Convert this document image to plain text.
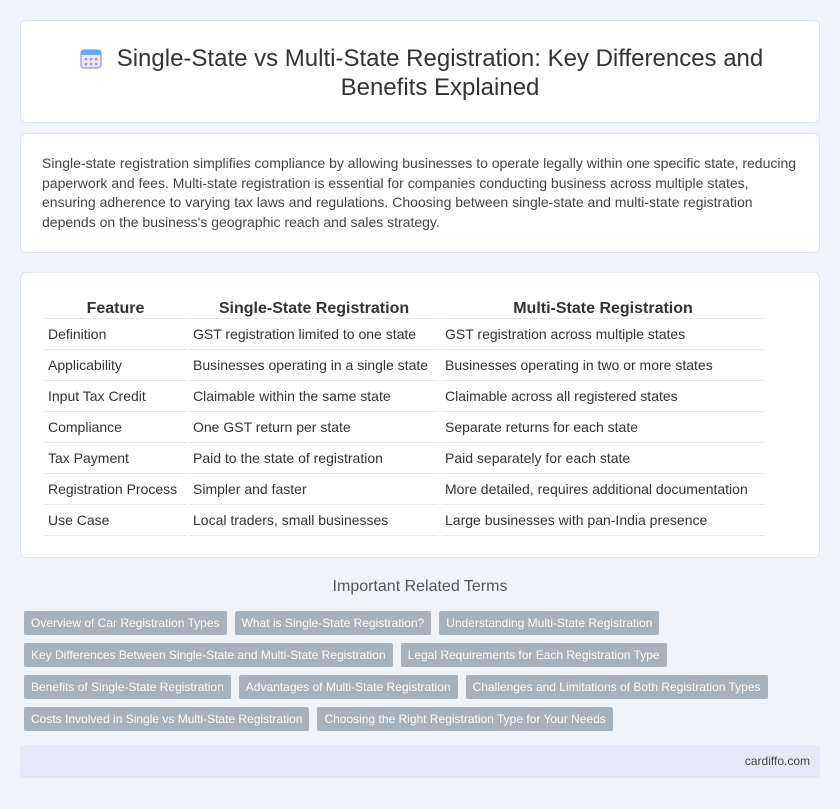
Single-State vs Multi-State Registration: Key Differences and Benefits Explained

Single-state registration simplifies compliance by allowing businesses to operate legally within one specific state, reducing paperwork and fees. Multi-state registration is essential for companies conducting business across multiple states, ensuring adherence to varying tax laws and regulations. Choosing between single-state and multi-state registration depends on the business's geographic reach and sales strategy.

Feature	Single-State Registration	Multi-State Registration
Definition	GST registration limited to one state	GST registration across multiple states
Applicability	Businesses operating in a single state	Businesses operating in two or more states
Input Tax Credit	Claimable within the same state	Claimable across all registered states
Compliance	One GST return per state	Separate returns for each state
Tax Payment	Paid to the state of registration	Paid separately for each state
Registration Process	Simpler and faster	More detailed, requires additional documentation
Use Case	Local traders, small businesses	Large businesses with pan-India presence
Important Related Terms
Overview of Car Registration Types	What is Single-State Registration?	Understanding Multi-State Registration
Key Differences Between Single-State and Multi-State Registration	Legal Requirements for Each Registration Type
Benefits of Single-State Registration	Advantages of Multi-State Registration	Challenges and Limitations of Both Registration Types
Costs Involved in Single vs Multi-State Registration	Choosing the Right Registration Type for Your Needs
cardiffo.com
